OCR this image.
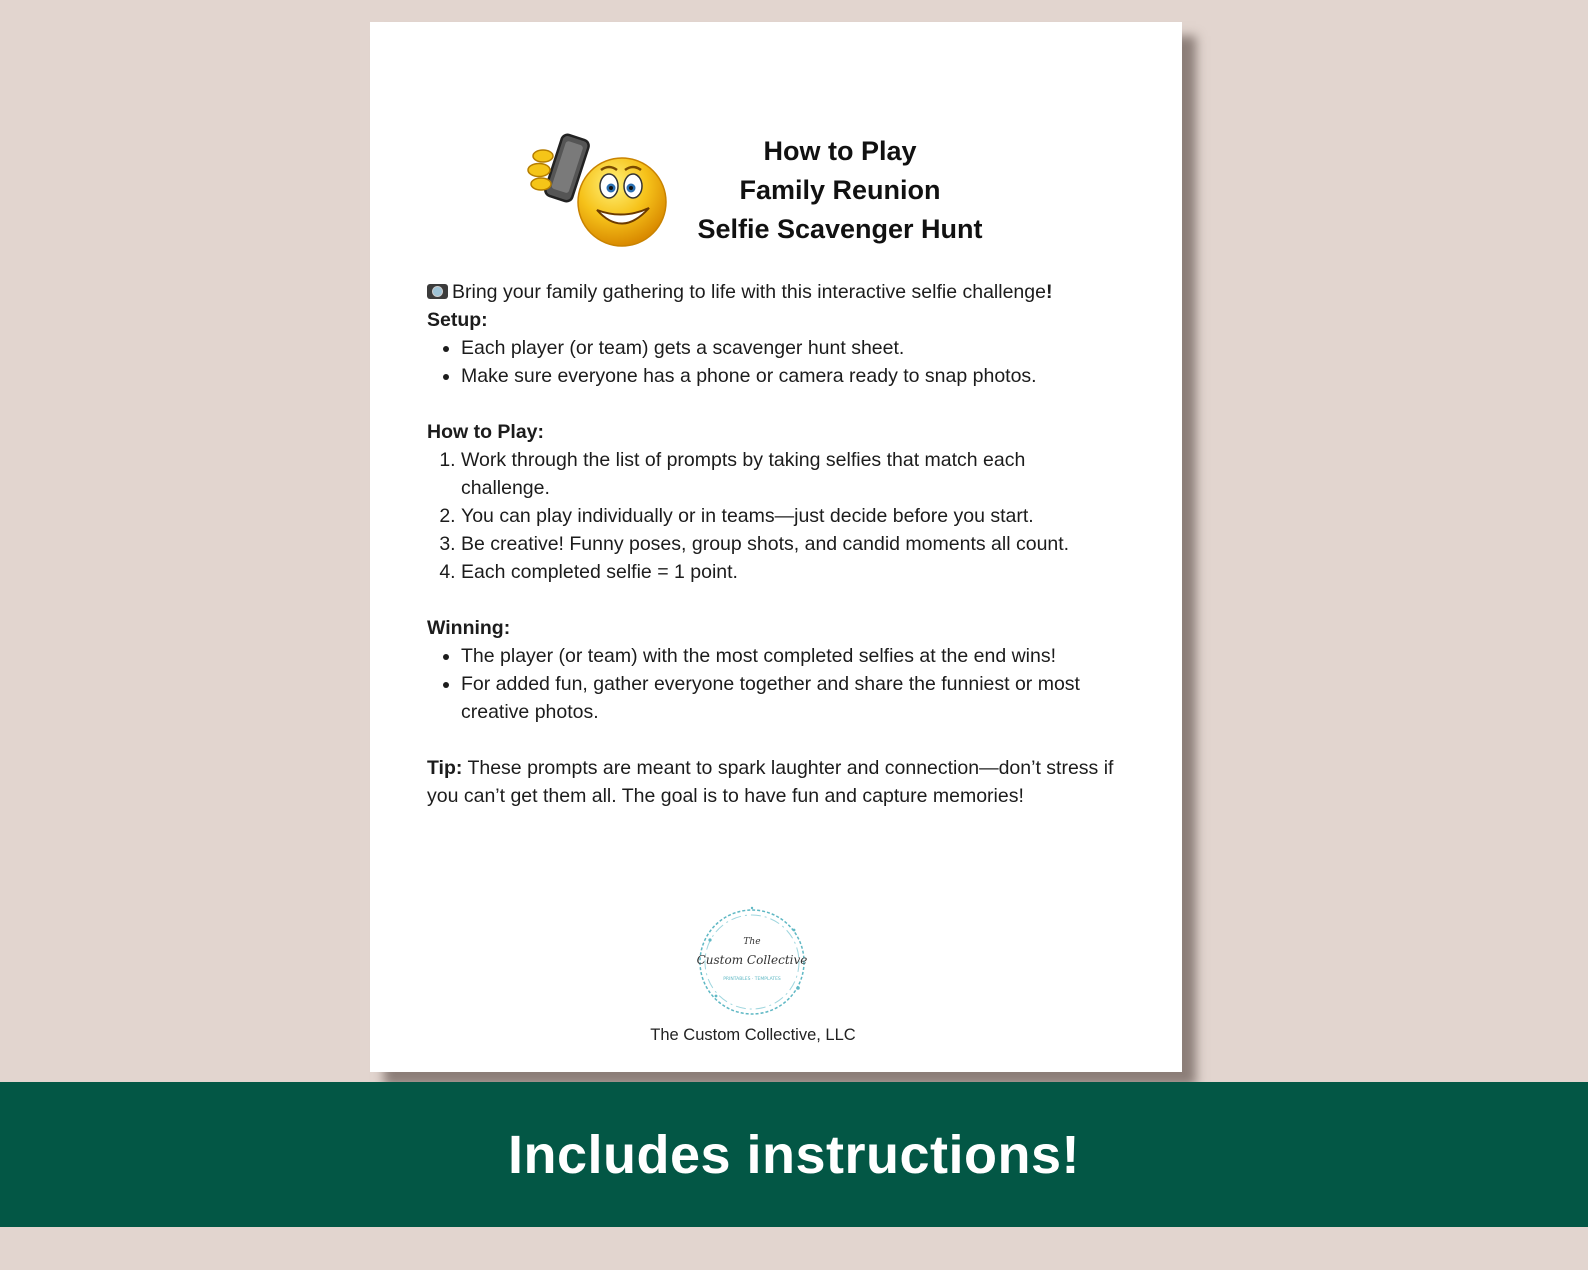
How to Play
Family Reunion
Selfie Scavenger Hunt

Bring your family gathering to life with this interactive selfie challenge!

Setup:

• Each player (or team) gets a scavenger hunt sheet.
• Make sure everyone has a phone or camera ready to snap photos.

How to Play:

1. Work through the list of prompts by taking selfies that match each challenge.
2. You can play individually or in teams—just decide before you start.
3. Be creative! Funny poses, group shots, and candid moments all count.
4. Each completed selfie = 1 point.

Winning:

• The player (or team) with the most completed selfies at the end wins!
• For added fun, gather everyone together and share the funniest or most creative photos.

Tip: These prompts are meant to spark laughter and connection—don’t stress if you can’t get them all. The goal is to have fun and capture memories!

The
Custom Collective
PRINTABLES · TEMPLATES
The Custom Collective, LLC
Includes instructions!
